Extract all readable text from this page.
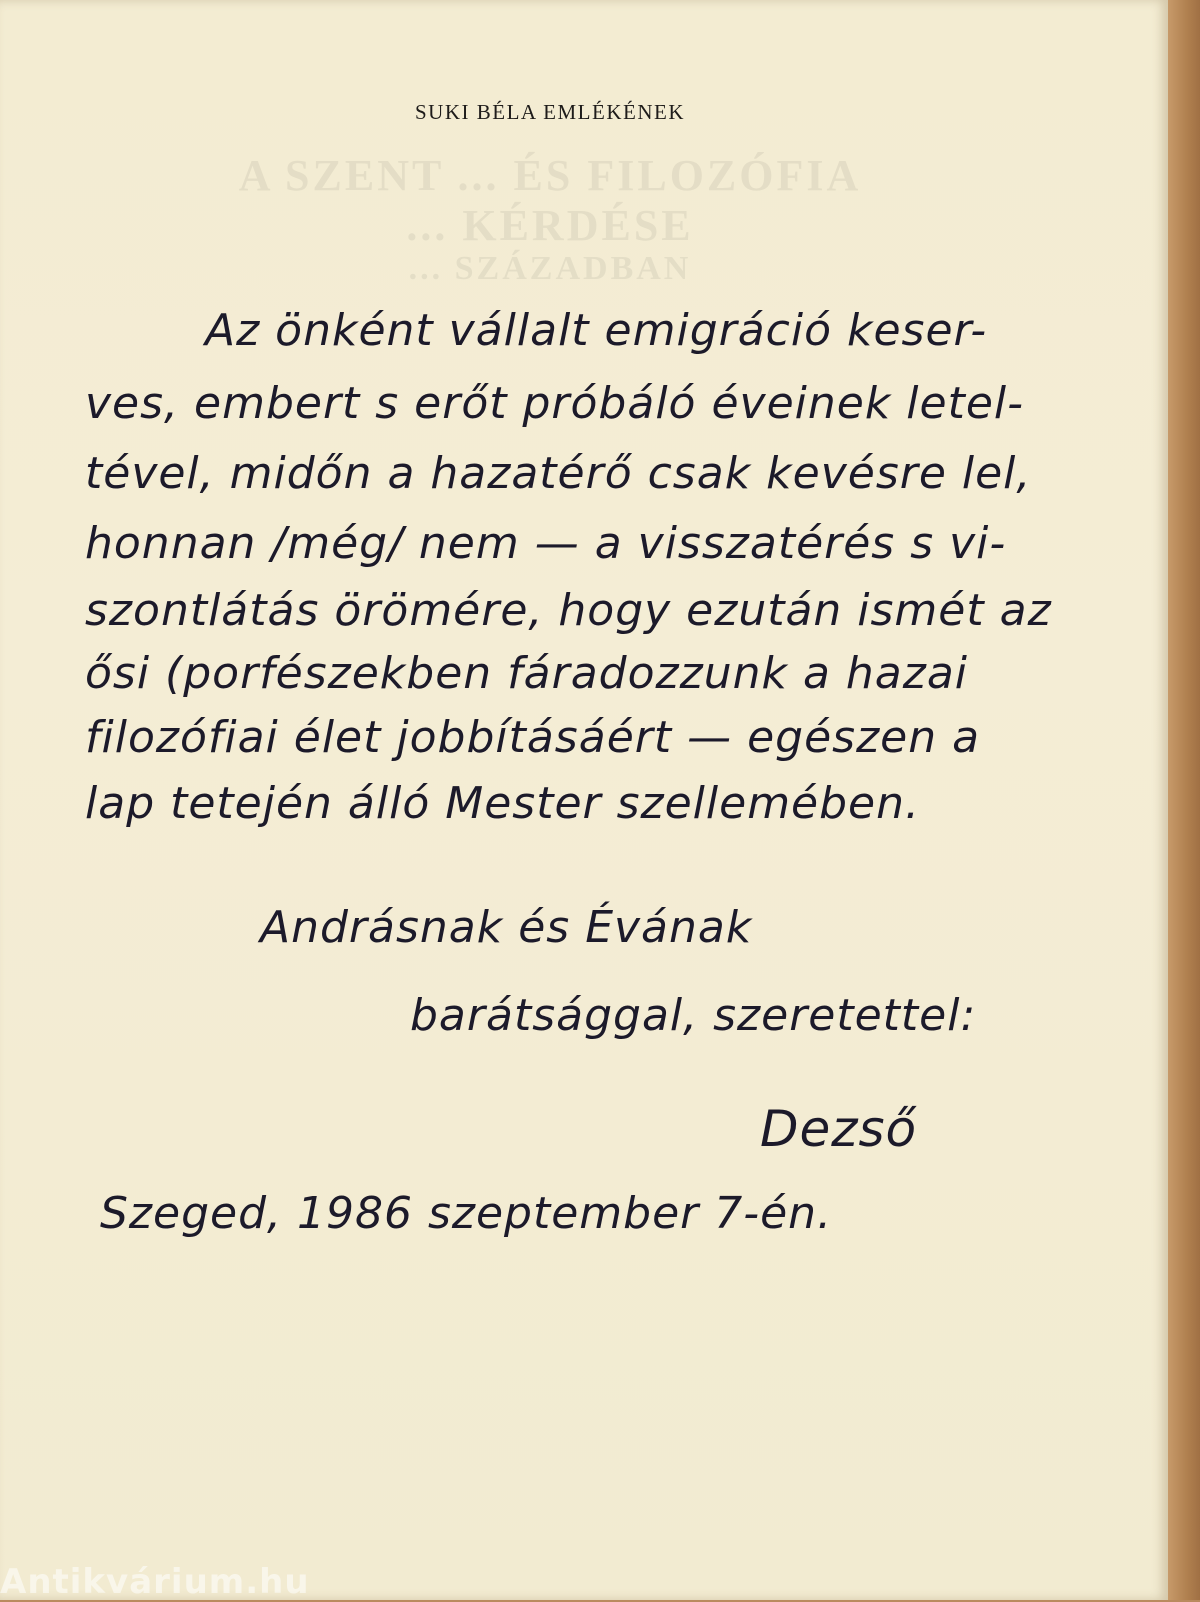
SUKI BÉLA EMLÉKÉNEK
A SZENT ... ÉS FILOZÓFIA
... KÉRDÉSE
... SZÁZADBAN
Az önként vállalt emigráció keser-
ves, embert s erőt próbáló éveinek letel-
tével, midőn a hazatérő csak kevésre lel,
honnan /még/ nem — a visszatérés s vi-
szontlátás örömére, hogy ezután ismét az
ősi (porfészekben fáradozzunk a hazai
filozófiai élet jobbításáért — egészen a
lap tetején álló Mester szellemében.
Andrásnak és Évának
barátsággal, szeretettel:
Dezső
Szeged, 1986 szeptember 7-én.
Antikvárium.hu
